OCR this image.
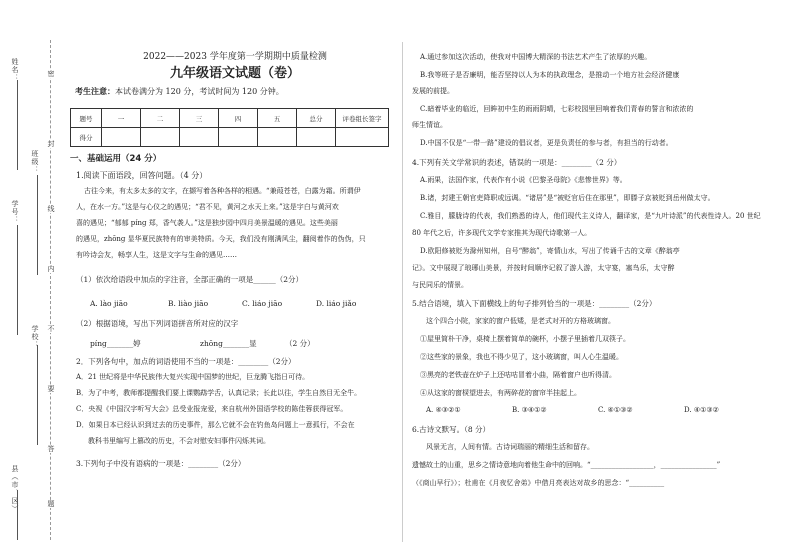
姓名：
学号：
班级：
学校：
县（市、区）
密
封
线
内
不
要
答
题
2022——2023 学年度第一学期期中质量检测
九年级语文试题（卷）
考生注意：本试卷满分为 120 分，考试时间为 120 分钟。
题号	一	二	三	四	五	总分	评卷组长签字
得分							
一、基础运用（24 分）
1.阅读下面语段，回答问题。（4 分）
古往今来，有太多太多的文字，在撷写着各种各样的相遇。“兼葭苍苍，白露为霜。所谓伊
人，在水一方。”这是与心仪之的遇见；“君不见，黄河之水天上来。”这是宇白与黄河欢
喜的遇见；“郁郁 pínɡ 郑，香气袭人。”这是独步园中四月美景温暖的遇见。这些美丽
的遇见，zhōnɡ 显华夏民族特有的审美特质。今天，我们没有刚满风尘，翻阅着作的伪伪，只
有吟诗会友，畅享人生，这是文字与生命的遇见……
（1）依次给语段中加点的字注音，全部正确的一项是______（2分）
A. lào jiāo	B. liào jiāo	C. liáo jiāo	D. liáo jiǎo
（2）根据语境，写出下列词语拼音所对应的汉字
pínɡ_______婷	zhōnɡ_______显	（2 分）
2．下列各句中，加点的词语使用不当的一项是：________（2分）
A．21 世纪将是中华民族伟大复兴实现中国梦的世纪，巨龙腾飞指日可待。
B．为了中考，教师都提醒我们要上课鹦鹉学舌，认真记录；长此以往，学生自然目无全牛。
C．央视《中国汉字听写大会》总受业报宠爱，来自杭州外国语学校的陈佳蓉获得冠军。
D．如果日本已经认识到过去的历史事件，那么它就不会在钓鱼岛问题上一意孤行，不会在
教科书里编写上篡改的历史，不会对慰安妇事件闪烁其词。
3.下列句子中没有语病的一项是：________（2分）
A.通过参加这次活动，使我对中国博大精深的书法艺术产生了浓厚的兴趣。
B.我等班子是否廉明，能否坚持以人为本的执政理念，是推动一个地方社会经济健康
发展的前提。
C.暗着毕业的临近，回眸初中生的雨雨阴晴，七彩校园里回响着我们青春的誓言和浓浓的
师生情谊。
D.中国不仅是“一带一路”建设的倡议者，更是负责任的参与者，有担当的行动者。
4.下列有关文学常识的表述，错误的一项是：________（2 分）
A.雨果，法国作家，代表作有小说《巴黎圣母院》《悲惨世界》等。
B.诸，封建王朝官吏降职或远调。“诸居”是“被贬官后住在那里”，即滕子京被贬到岳州做太守。
C.雅目，朦胧诗的代表，我们熟悉的诗人，他们现代主义诗人，翻译家，是“九叶诗派”的代表性诗人。20 世纪
80 年代之后，许多现代文学专家推其为现代诗歌第一人。
D.欧阳修被贬为滁州知州，自号“醉翁”，寄情山水，写出了传诵千古的文章《醉翁亭
记》。文中展现了琅琊山美景，并按时间顺序记叙了游人游，太守宴，塞鸟乐，太守醉
与民同乐的情景。
5.结合语境，填入下面横线上的句子排列恰当的一项是：________（2分）
这个四合小院，家家的窗户低矮，是老式对开的方格玻璃窗。
①屋里简朴干净，桌椅上摆着简单的碗杯，小摆子里插着几双筷子。
②这些家的景象，我也不得少见了，这小玻璃窗，叫人心生温暖。
③黑亮的老铁壶在炉子上还咕咕冒着小曲，隔着窗户也听得清。
④从这家的窗棂望进去，有两碎花的窗帘半挂起上。
A. ④③②①	B. ③④①②	C. ④①③②	D. ④①③②
6.古诗文默写。（8 分）
风景无言，人间有情。古诗词瑞丽的精细生活和留存。
遗憾故土的山重，思乡之情诗意地向着他生命中的回响。“__________________，________________”
（《商山早行》）；杜甫在《月夜忆舍弟》中借月亮表达对故乡的思念：“__________
